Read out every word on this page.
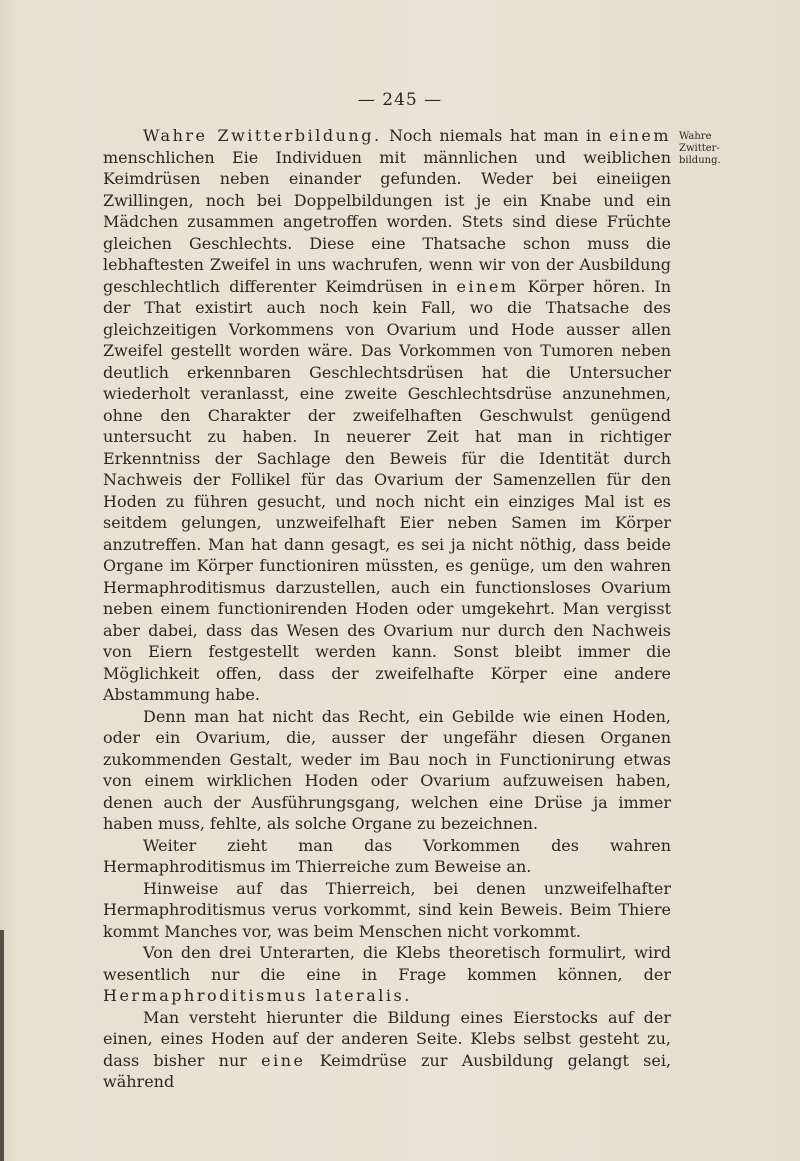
— 245 —
Wahre
Zwitter-
bildung.

Wahre Zwitterbildung. Noch niemals hat man in einem menschlichen Eie Individuen mit männlichen und weiblichen Keimdrüsen neben einander gefunden. Weder bei eineiigen Zwillingen, noch bei Doppelbildungen ist je ein Knabe und ein Mädchen zusammen angetroffen worden. Stets sind diese Früchte gleichen Geschlechts. Diese eine Thatsache schon muss die lebhaftesten Zweifel in uns wachrufen, wenn wir von der Ausbildung geschlechtlich differenter Keimdrüsen in einem Körper hören. In der That existirt auch noch kein Fall, wo die Thatsache des gleichzeitigen Vorkommens von Ovarium und Hode ausser allen Zweifel gestellt worden wäre. Das Vorkommen von Tumoren neben deutlich erkennbaren Geschlechtsdrüsen hat die Untersucher wiederholt veranlasst, eine zweite Geschlechtsdrüse anzunehmen, ohne den Charakter der zweifelhaften Geschwulst genügend untersucht zu haben. In neuerer Zeit hat man in richtiger Erkenntniss der Sachlage den Beweis für die Identität durch Nachweis der Follikel für das Ovarium der Samenzellen für den Hoden zu führen gesucht, und noch nicht ein einziges Mal ist es seitdem gelungen, unzweifelhaft Eier neben Samen im Körper anzutreffen. Man hat dann gesagt, es sei ja nicht nöthig, dass beide Organe im Körper functioniren müssten, es genüge, um den wahren Hermaphroditismus darzustellen, auch ein functionsloses Ovarium neben einem functionirenden Hoden oder umgekehrt. Man vergisst aber dabei, dass das Wesen des Ovarium nur durch den Nachweis von Eiern festgestellt werden kann. Sonst bleibt immer die Möglichkeit offen, dass der zweifelhafte Körper eine andere Abstammung habe.

Denn man hat nicht das Recht, ein Gebilde wie einen Hoden, oder ein Ovarium, die, ausser der ungefähr diesen Organen zukommenden Gestalt, weder im Bau noch in Functionirung etwas von einem wirklichen Hoden oder Ovarium aufzuweisen haben, denen auch der Ausführungsgang, welchen eine Drüse ja immer haben muss, fehlte, als solche Organe zu bezeichnen.

Weiter zieht man das Vorkommen des wahren Hermaphroditismus im Thierreiche zum Beweise an.

Hinweise auf das Thierreich, bei denen unzweifelhafter Hermaphroditismus verus vorkommt, sind kein Beweis. Beim Thiere kommt Manches vor, was beim Menschen nicht vorkommt.

Von den drei Unterarten, die Klebs theoretisch formulirt, wird wesentlich nur die eine in Frage kommen können, der Hermaphroditismus lateralis.

Man versteht hierunter die Bildung eines Eierstocks auf der einen, eines Hoden auf der anderen Seite. Klebs selbst gesteht zu, dass bisher nur eine Keimdrüse zur Ausbildung gelangt sei, während
